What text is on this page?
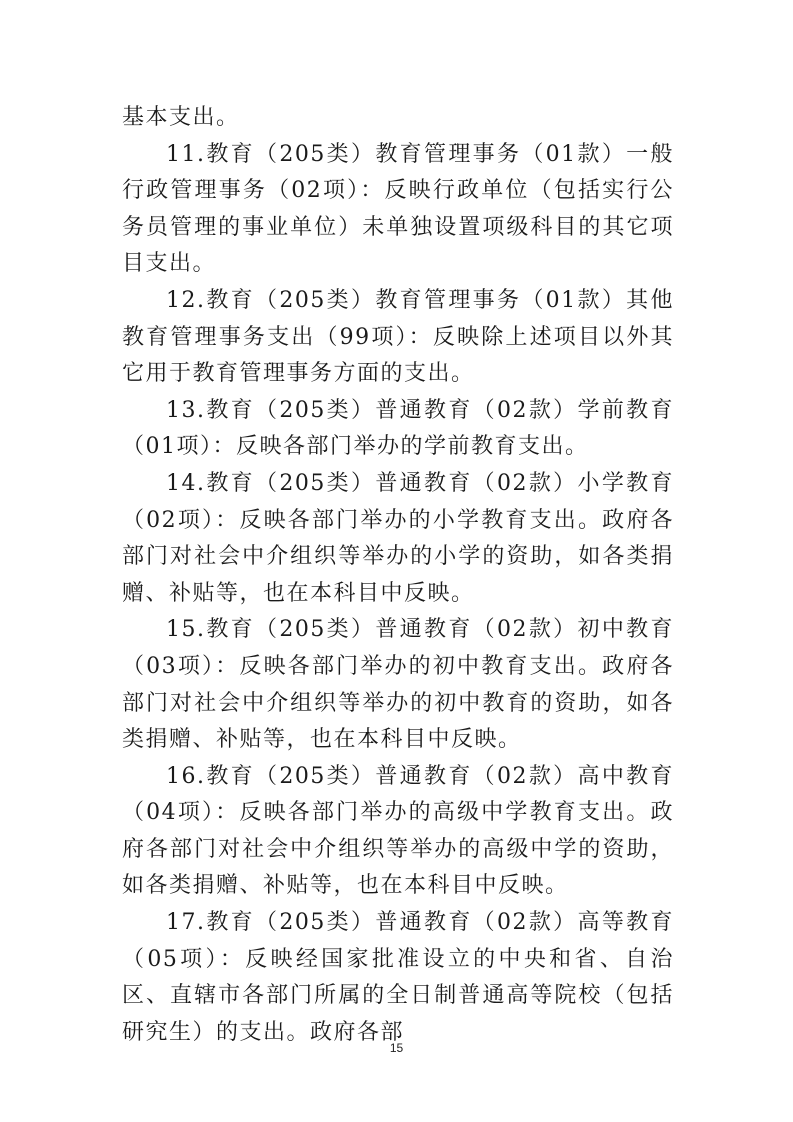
基本支出。

11.教育（205类）教育管理事务（01款）一般行政管理事务（02项）：反映行政单位（包括实行公务员管理的事业单位）未单独设置项级科目的其它项目支出。

12.教育（205类）教育管理事务（01款）其他教育管理事务支出（99项）：反映除上述项目以外其它用于教育管理事务方面的支出。

13.教育（205类）普通教育（02款）学前教育（01项）：反映各部门举办的学前教育支出。

14.教育（205类）普通教育（02款）小学教育（02项）：反映各部门举办的小学教育支出。政府各部门对社会中介组织等举办的小学的资助，如各类捐赠、补贴等，也在本科目中反映。

15.教育（205类）普通教育（02款）初中教育（03项）：反映各部门举办的初中教育支出。政府各部门对社会中介组织等举办的初中教育的资助，如各类捐赠、补贴等，也在本科目中反映。

16.教育（205类）普通教育（02款）高中教育（04项）：反映各部门举办的高级中学教育支出。政府各部门对社会中介组织等举办的高级中学的资助，如各类捐赠、补贴等，也在本科目中反映。

17.教育（205类）普通教育（02款）高等教育（05项）：反映经国家批准设立的中央和省、自治区、直辖市各部门所属的全日制普通高等院校（包括研究生）的支出。政府各部

15
